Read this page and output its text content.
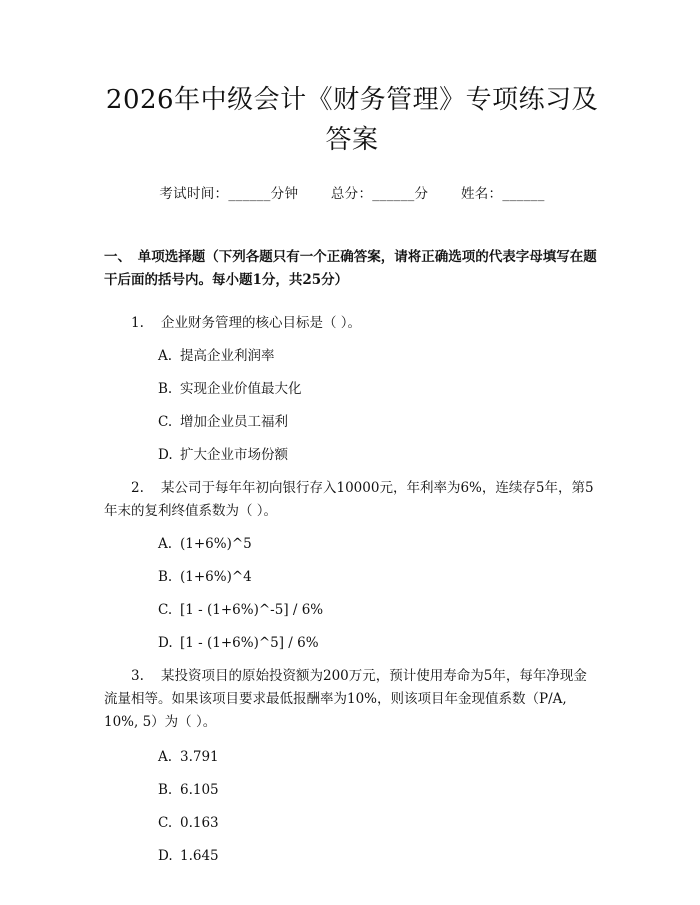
2026年中级会计《财务管理》专项练习及答案
考试时间：______分钟 总分：______分 姓名：______
一、　单项选择题（下列各题只有一个正确答案，请将正确选项的代表字母填写在题干后面的括号内。每小题1分，共25分）

1. 企业财务管理的核心目标是（ ）。

A. 提高企业利润率

B. 实现企业价值最大化

C. 增加企业员工福利

D. 扩大企业市场份额

2. 某公司于每年年初向银行存入10000元，年利率为6%，连续存5年，第5年末的复利终值系数为（ ）。

A. (1+6%)^5

B. (1+6%)^4

C. [1 - (1+6%)^-5] / 6%

D. [1 - (1+6%)^5] / 6%

3. 某投资项目的原始投资额为200万元，预计使用寿命为5年，每年净现金流量相等。如果该项目要求最低报酬率为10%，则该项目年金现值系数（P/A, 10%, 5）为（ ）。

A. 3.791

B. 6.105

C. 0.163

D. 1.645
